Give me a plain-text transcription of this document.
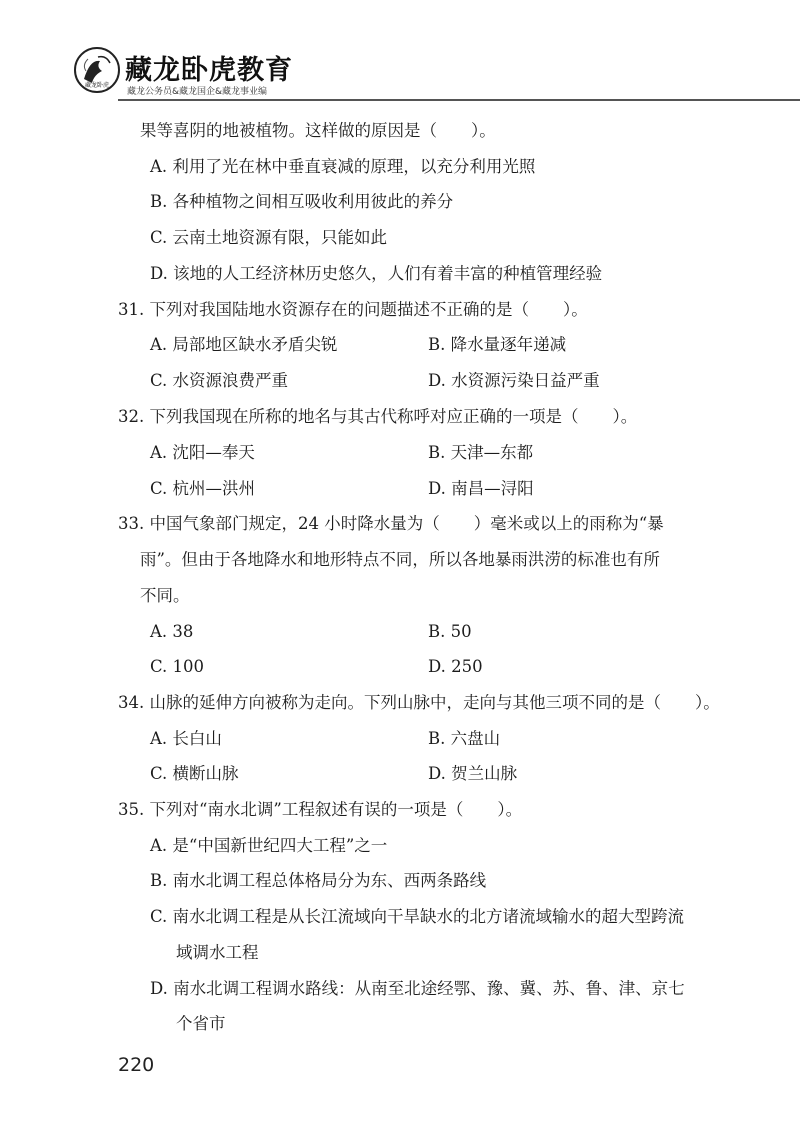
藏龙卧虎 藏龙卧虎教育
藏龙公务员&藏龙国企&藏龙事业编
果等喜阴的地被植物。这样做的原因是（ ）。
A. 利用了光在林中垂直衰减的原理，以充分利用光照
B. 各种植物之间相互吸收利用彼此的养分
C. 云南土地资源有限，只能如此
D. 该地的人工经济林历史悠久，人们有着丰富的种植管理经验
31. 下列对我国陆地水资源存在的问题描述不正确的是（ ）。
A. 局部地区缺水矛盾尖锐	B. 降水量逐年递减
C. 水资源浪费严重	D. 水资源污染日益严重
32. 下列我国现在所称的地名与其古代称呼对应正确的一项是（ ）。
A. 沈阳—奉天	B. 天津—东都
C. 杭州—洪州	D. 南昌—浔阳
33. 中国气象部门规定，24 小时降水量为（ ）毫米或以上的雨称为“暴
雨”。但由于各地降水和地形特点不同，所以各地暴雨洪涝的标准也有所
不同。
A. 38	B. 50
C. 100	D. 250
34. 山脉的延伸方向被称为走向。下列山脉中，走向与其他三项不同的是（ ）。
A. 长白山	B. 六盘山
C. 横断山脉	D. 贺兰山脉
35. 下列对“南水北调”工程叙述有误的一项是（ ）。
A. 是“中国新世纪四大工程”之一
B. 南水北调工程总体格局分为东、西两条路线
C. 南水北调工程是从长江流域向干旱缺水的北方诸流域输水的超大型跨流
域调水工程
D. 南水北调工程调水路线：从南至北途经鄂、豫、冀、苏、鲁、津、京七
个省市
220
